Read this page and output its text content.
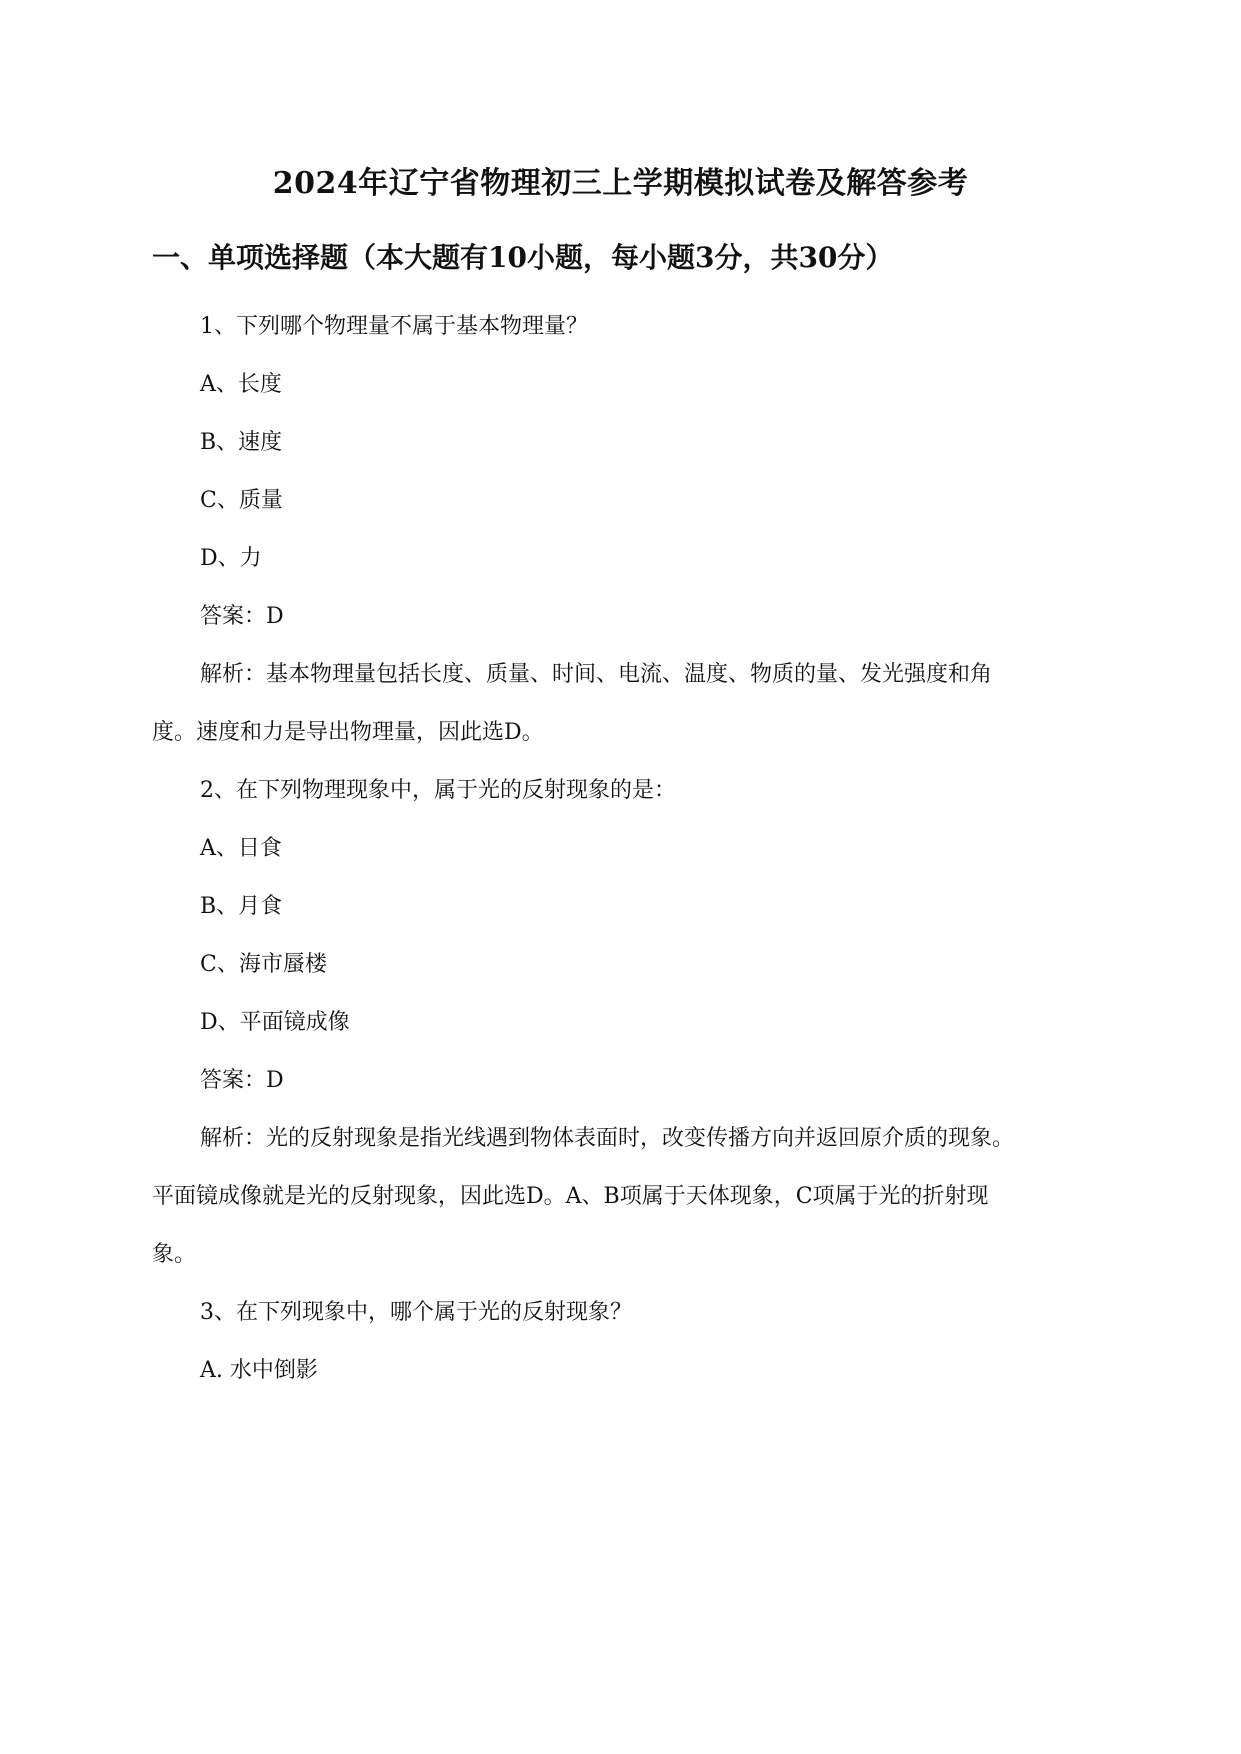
2024年辽宁省物理初三上学期模拟试卷及解答参考
一、单项选择题（本大题有10小题，每小题3分，共30分）
1、下列哪个物理量不属于基本物理量？
A、长度
B、速度
C、质量
D、力
答案：D
解析：基本物理量包括长度、质量、时间、电流、温度、物质的量、发光强度和角
度。速度和力是导出物理量，因此选D。
2、在下列物理现象中，属于光的反射现象的是：
A、日食
B、月食
C、海市蜃楼
D、平面镜成像
答案：D
解析：光的反射现象是指光线遇到物体表面时，改变传播方向并返回原介质的现象。
平面镜成像就是光的反射现象，因此选D。A、B项属于天体现象，C项属于光的折射现
象。
3、在下列现象中，哪个属于光的反射现象？
A. 水中倒影
